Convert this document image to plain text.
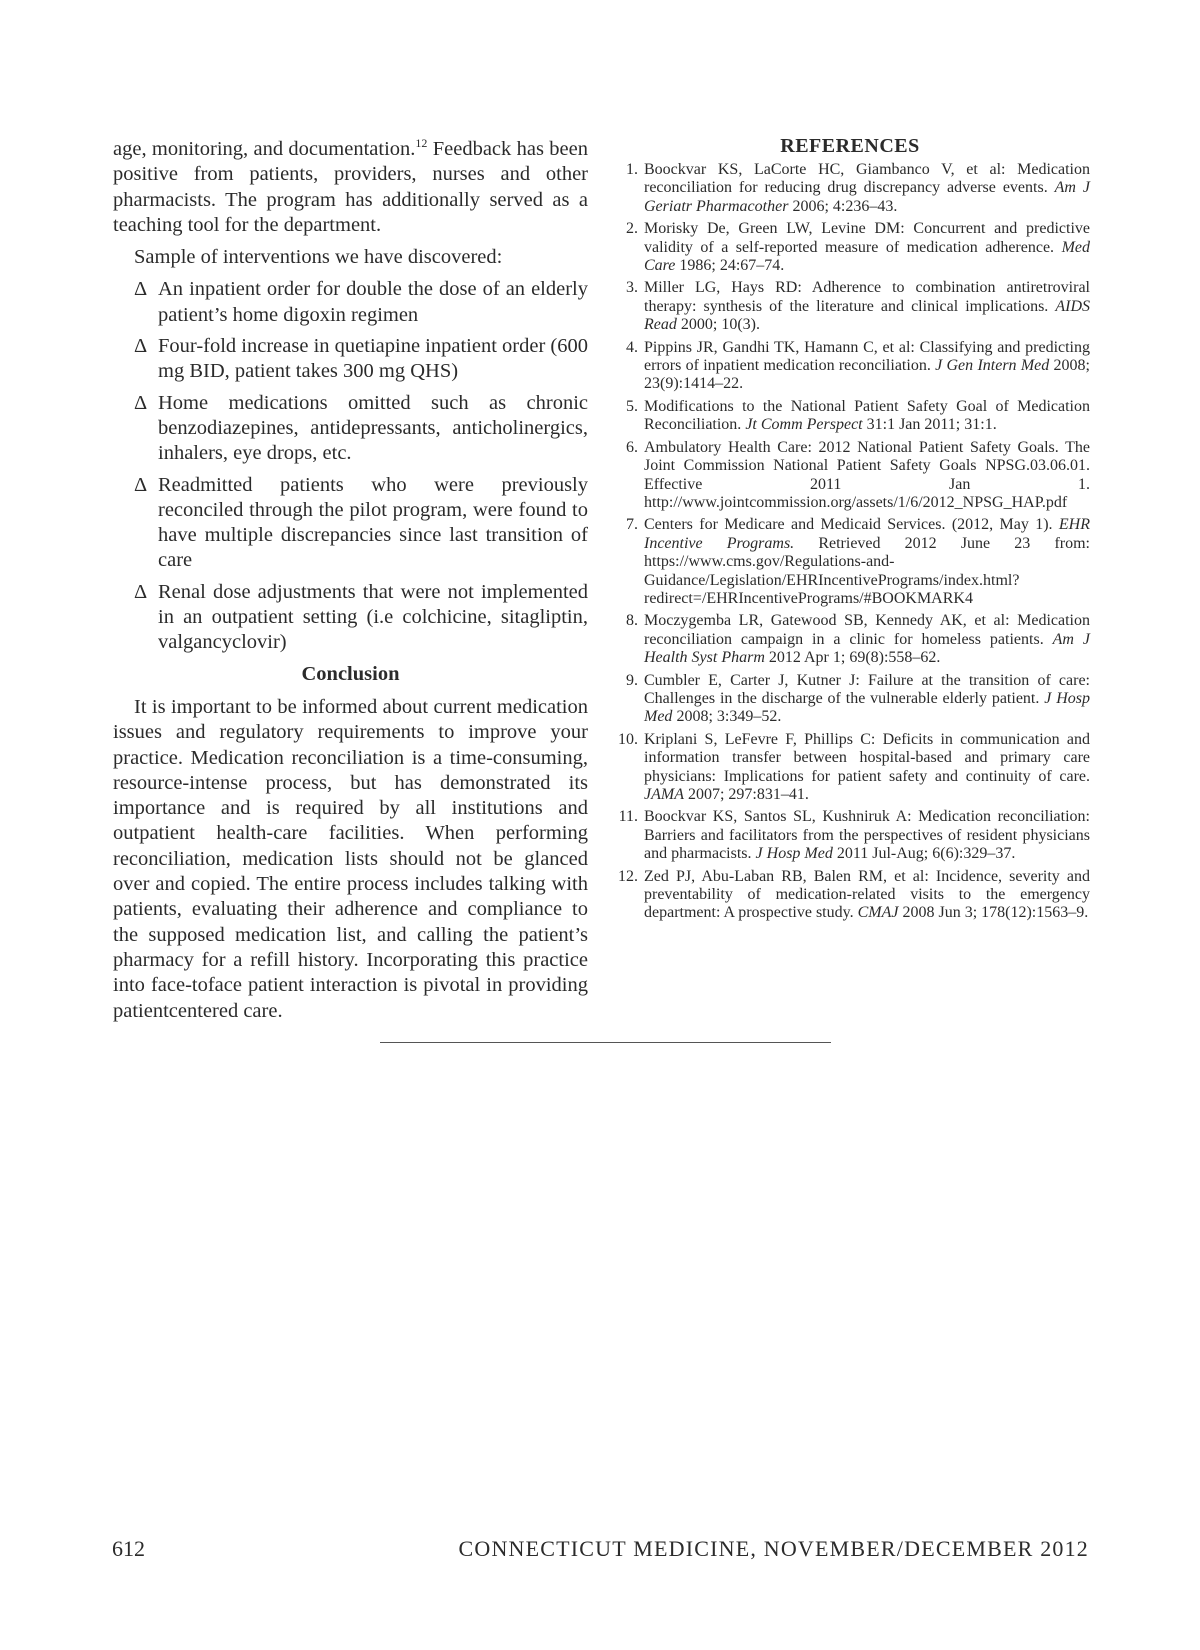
age, monitoring, and documentation.$^{12}$ Feedback has been positive from patients, providers, nurses and other pharmacists. The program has additionally served as a teaching tool for the department.

Sample of interventions we have discovered:

Δ An inpatient order for double the dose of an elderly patient’s home digoxin regimen
Δ Four-fold increase in quetiapine inpatient order (600 mg BID, patient takes 300 mg QHS)
Δ Home medications omitted such as chronic benzodiazepines, antidepressants, anticholinergics, inhalers, eye drops, etc.
Δ Readmitted patients who were previously reconciled through the pilot program, were found to have multiple discrepancies since last transition of care
Δ Renal dose adjustments that were not implemented in an outpatient setting (i.e colchicine, sitagliptin, valgancyclovir)

Conclusion

It is important to be informed about current medication issues and regulatory requirements to improve your practice. Medication reconciliation is a time-consuming, resource-intense process, but has demonstrated its importance and is required by all institutions and outpatient health-care facilities. When performing reconciliation, medication lists should not be glanced over and copied. The entire process includes talking with patients, evaluating their adherence and compliance to the supposed medication list, and calling the patient’s pharmacy for a refill history. Incorporating this practice into face-toface patient interaction is pivotal in providing patientcentered care.

REFERENCES
1. Boockvar KS, LaCorte HC, Giambanco V, et al: Medication reconciliation for reducing drug discrepancy adverse events. Am J Geriatr Pharmacother 2006; 4:236–43.
2. Morisky De, Green LW, Levine DM: Concurrent and predictive validity of a self-reported measure of medication adherence. Med Care 1986; 24:67–74.
3. Miller LG, Hays RD: Adherence to combination antiretroviral therapy: synthesis of the literature and clinical implications. AIDS Read 2000; 10(3).
4. Pippins JR, Gandhi TK, Hamann C, et al: Classifying and predicting errors of inpatient medication reconciliation. J Gen Intern Med 2008; 23(9):1414–22.
5. Modifications to the National Patient Safety Goal of Medication Reconciliation. Jt Comm Perspect 31:1 Jan 2011; 31:1.
6. Ambulatory Health Care: 2012 National Patient Safety Goals. The Joint Commission National Patient Safety Goals NPSG.03.06.01. Effective 2011 Jan 1. http://www.jointcommission.org/assets/1/6/2012_NPSG_HAP.pdf
7. Centers for Medicare and Medicaid Services. (2012, May 1). EHR Incentive Programs. Retrieved 2012 June 23 from: https://www.cms.gov/Regulations-and-Guidance/Legislation/EHRIncentivePrograms/index.html?redirect=/EHRIncentivePrograms/#BOOKMARK4
8. Moczygemba LR, Gatewood SB, Kennedy AK, et al: Medication reconciliation campaign in a clinic for homeless patients. Am J Health Syst Pharm 2012 Apr 1; 69(8):558–62.
9. Cumbler E, Carter J, Kutner J: Failure at the transition of care: Challenges in the discharge of the vulnerable elderly patient. J Hosp Med 2008; 3:349–52.
10. Kriplani S, LeFevre F, Phillips C: Deficits in communication and information transfer between hospital-based and primary care physicians: Implications for patient safety and continuity of care. JAMA 2007; 297:831–41.
11. Boockvar KS, Santos SL, Kushniruk A: Medication reconciliation: Barriers and facilitators from the perspectives of resident physicians and pharmacists. J Hosp Med 2011 Jul-Aug; 6(6):329–37.
12. Zed PJ, Abu-Laban RB, Balen RM, et al: Incidence, severity and preventability of medication-related visits to the emergency department: A prospective study. CMAJ 2008 Jun 3; 178(12):1563–9.
612	CONNECTICUT MEDICINE, NOVEMBER/DECEMBER 2012
